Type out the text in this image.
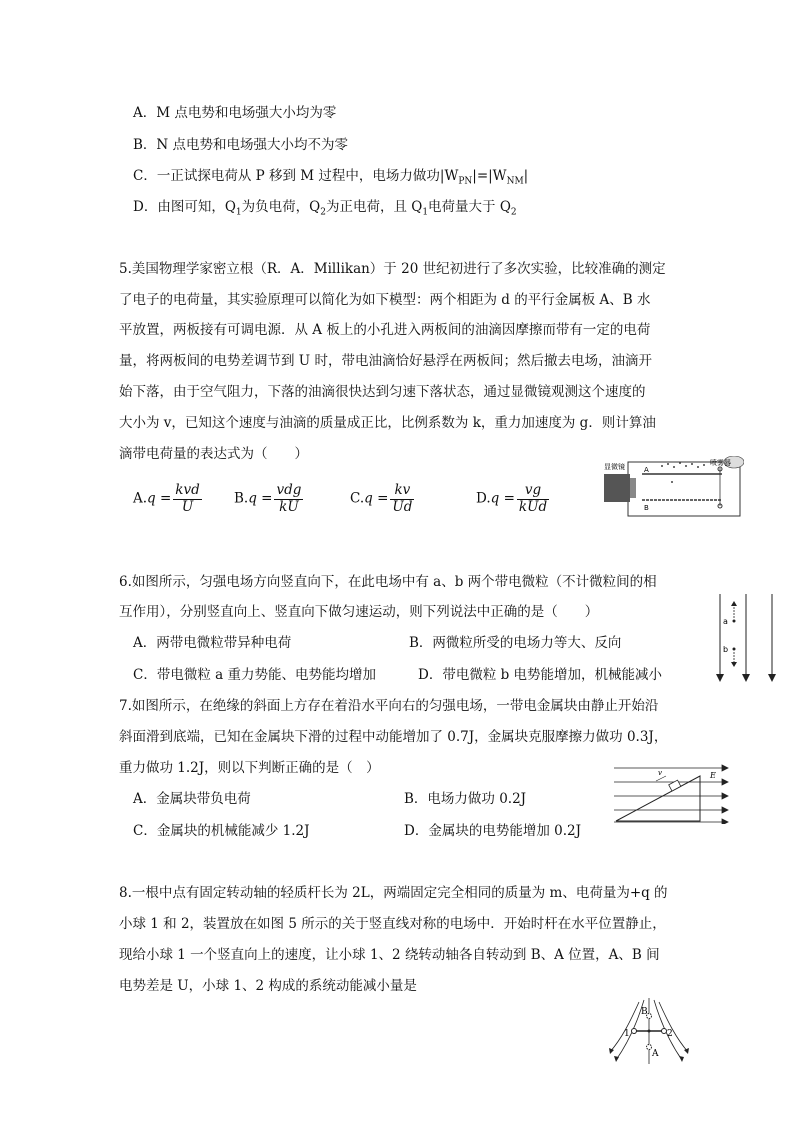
A．M 点电势和电场强大小均为零
B．N 点电势和电场强大小均不为零
C．一正试探电荷从 P 移到 M 过程中，电场力做功$|W_{PN}|=|W_{NM}|$
D．由图可知，$Q_1$为负电荷，$Q_2$为正电荷，且 $Q_1$电荷量大于 $Q_2$
5.美国物理学家密立根（R．A．Millikan）于 20 世纪初进行了多次实验，比较准确的测定
了电子的电荷量，其实验原理可以简化为如下模型：两个相距为 d 的平行金属板 A、B 水
平放置，两板接有可调电源．从 A 板上的小孔进入两板间的油滴因摩擦而带有一定的电荷
量，将两板间的电势差调节到 U 时，带电油滴恰好悬浮在两板间；然后撤去电场，油滴开
始下落，由于空气阻力，下落的油滴很快达到匀速下落状态，通过显微镜观测这个速度的
大小为 v，已知这个速度与油滴的质量成正比，比例系数为 k，重力加速度为 g．则计算油
滴带电荷量的表达式为（　　）
$A.q = \frac{\text{kvd}}{U} B.q = \frac{\text{vdg}}{kU}$	$C.q = \frac{kv}{Ud}$	$D.q = \frac{vg}{\text{kUd}}$
显微镜	A
B
喷雾器
6.如图所示，匀强电场方向竖直向下，在此电场中有 a、b 两个带电微粒（不计微粒间的相
互作用），分别竖直向上、竖直向下做匀速运动，则下列说法中正确的是（　　）
A．两带电微粒带异种电荷	B．两微粒所受的电场力等大、反向
C．带电微粒 a 重力势能、电势能均增加	D．带电微粒 b 电势能增加，机械能减小
a
b
7.如图所示，在绝缘的斜面上方存在着沿水平向右的匀强电场，一带电金属块由静止开始沿
斜面滑到底端，已知在金属块下滑的过程中动能增加了 0.7J，金属块克服摩擦力做功 0.3J，
重力做功 1.2J，则以下判断正确的是（　）
A．金属块带负电荷	B．电场力做功 0.2J
C．金属块的机械能减少 1.2J	D．金属块的电势能增加 0.2J
v	E
8.一根中点有固定转动轴的轻质杆长为 2L，两端固定完全相同的质量为 m、电荷量为+q 的
小球 1 和 2，装置放在如图 5 所示的关于竖直线对称的电场中．开始时杆在水平位置静止，
现给小球 1 一个竖直向上的速度，让小球 1、2 绕转动轴各自转动到 B、A 位置，A、B 间
电势差是 U，小球 1、2 构成的系统动能减小量是
B
A
1	2
